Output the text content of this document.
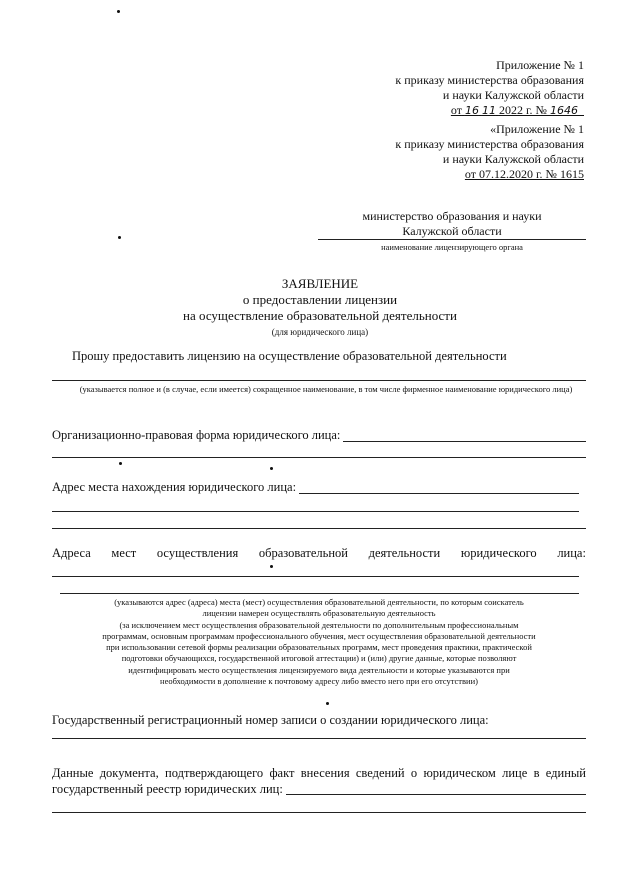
Приложение № 1
к приказу министерства образования
и науки Калужской области
от 16 11 2022 г. № 1646
«Приложение № 1
к приказу министерства образования
и науки Калужской области
от 07.12.2020 г. № 1615
министерство образования и науки
Калужской области
наименование лицензирующего органа
ЗАЯВЛЕНИЕ
о предоставлении лицензии
на осуществление образовательной деятельности
(для юридического лица)
Прошу предоставить лицензию на осуществление образовательной деятельности
(указывается полное и (в случае, если имеется) сокращенное наименование, в том числе фирменное наименование юридического лица)
Организационно-правовая форма юридического лица:
Адрес места нахождения юридического лица:
Адреса мест осуществления образовательной деятельности юридического лица:
(указываются адрес (адреса) места (мест) осуществления образовательной деятельности, по которым соискатель
лицензии намерен осуществлять образовательную деятельность
(за исключением мест осуществления образовательной деятельности по дополнительным профессиональным
программам, основным программам профессионального обучения, мест осуществления образовательной деятельности
при использовании сетевой формы реализации образовательных программ, мест проведения практики, практической
подготовки обучающихся, государственной итоговой аттестации) и (или) другие данные, которые позволяют
идентифицировать место осуществления лицензируемого вида деятельности и которые указываются при
необходимости в дополнение к почтовому адресу либо вместо него при его отсутствии)
Государственный регистрационный номер записи о создании юридического лица:
Данные документа, подтверждающего факт внесения сведений о юридическом лице в единый
государственный реестр юридических лиц:
